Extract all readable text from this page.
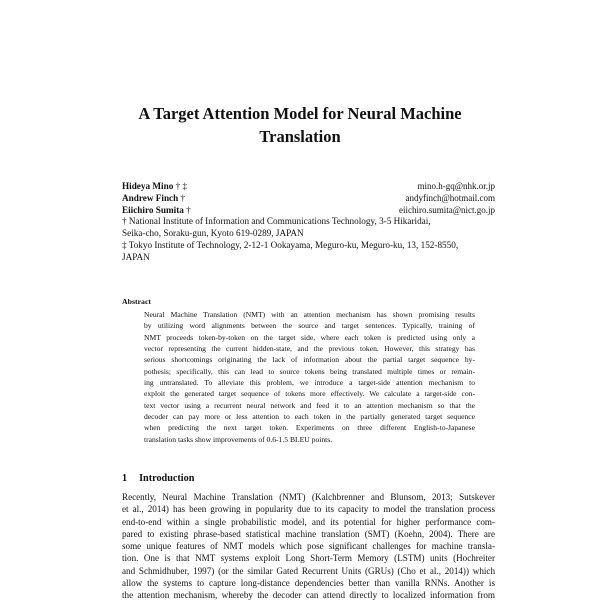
A Target Attention Model for Neural Machine
Translation
Hideya Mino † ‡	mino.h-gq@nhk.or.jp
Andrew Finch †	andyfinch@hotmail.com
Eiichiro Sumita †	eiichiro.sumita@nict.go.jp
† National Institute of Information and Communications Technology, 3-5 Hikaridai,
Seika-cho, Soraku-gun, Kyoto 619-0289, JAPAN
‡ Tokyo Institute of Technology, 2-12-1 Ookayama, Meguro-ku, Meguro-ku, 13, 152-8550,
JAPAN
Abstract
Neural Machine Translation (NMT) with an attention mechanism has shown promising results
by utilizing word alignments between the source and target sentences. Typically, training of
NMT proceeds token-by-token on the target side, where each token is predicted using only a
vector representing the current hidden-state, and the previous token. However, this strategy has
serious shortcomings originating the lack of information about the partial target sequence hy-
pothesis; specifically, this can lead to source tokens being translated multiple times or remain-
ing untranslated. To alleviate this problem, we introduce a target-side attention mechanism to
exploit the generated target sequence of tokens more effectively. We calculate a target-side con-
text vector using a recurrent neural network and feed it to an attention mechanism so that the
decoder can pay more or less attention to each token in the partially generated target sequence
when predicting the next target token. Experiments on three different English-to-Japanese
translation tasks show improvements of 0.6-1.5 BLEU points.
1 Introduction
Recently, Neural Machine Translation (NMT) (Kalchbrenner and Blunsom, 2013; Sutskever
et al., 2014) has been growing in popularity due to its capacity to model the translation process
end-to-end within a single probabilistic model, and its potential for higher performance com-
pared to existing phrase-based statistical machine translation (SMT) (Koehn, 2004). There are
some unique features of NMT models which pose significant challenges for machine transla-
tion. One is that NMT systems exploit Long Short-Term Memory (LSTM) units (Hochreiter
and Schmidhuber, 1997) (or the similar Gated Recurrent Units (GRUs) (Cho et al., 2014)) which
allow the systems to capture long-distance dependencies better than vanilla RNNs. Another is
the attention mechanism, whereby the decoder can attend directly to localized information from
